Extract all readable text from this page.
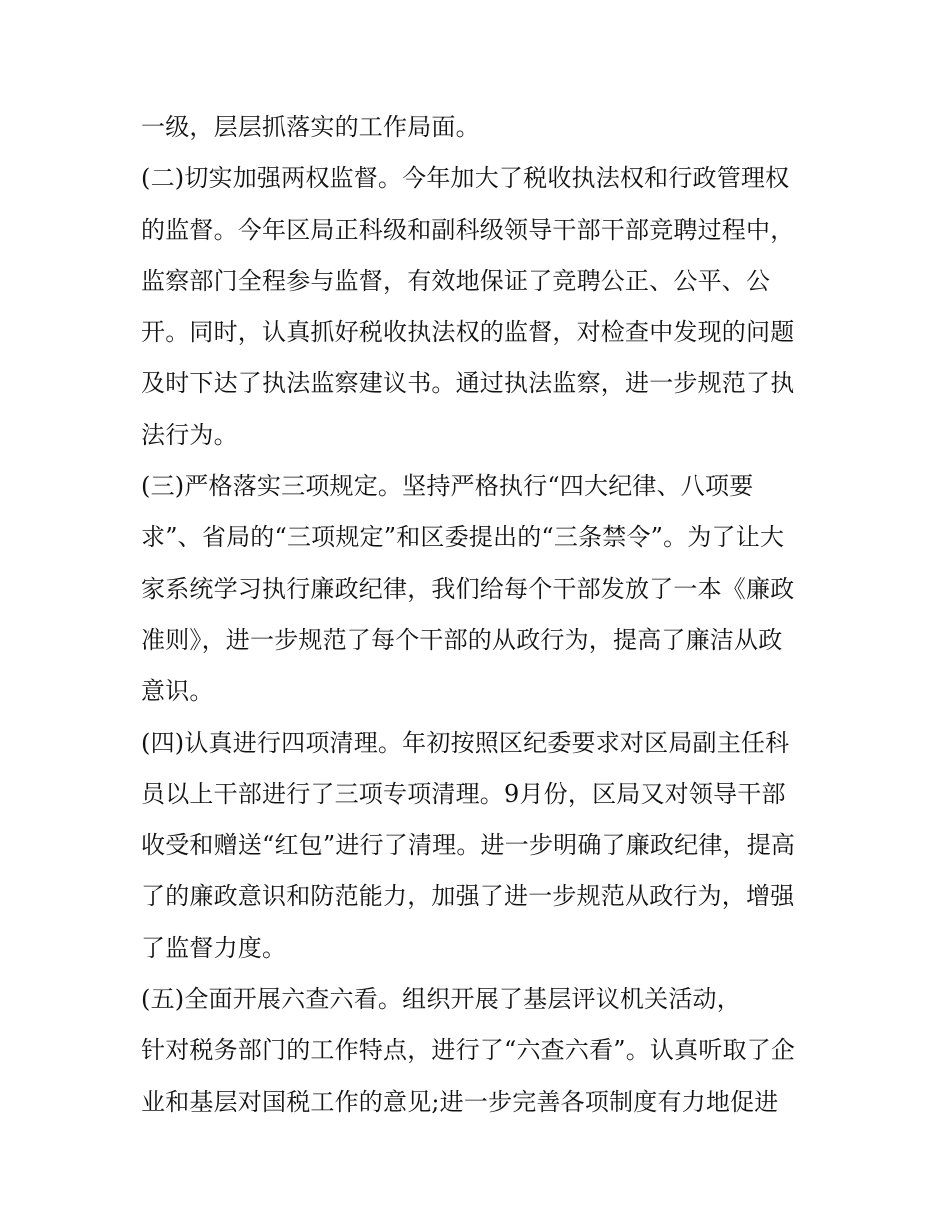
一级，层层抓落实的工作局面。
(二)切实加强两权监督。今年加大了税收执法权和行政管理权
的监督。今年区局正科级和副科级领导干部干部竞聘过程中，
监察部门全程参与监督，有效地保证了竞聘公正、公平、公
开。同时，认真抓好税收执法权的监督，对检查中发现的问题
及时下达了执法监察建议书。通过执法监察，进一步规范了执
法行为。
(三)严格落实三项规定。坚持严格执行“四大纪律、八项要
求”、省局的“三项规定”和区委提出的“三条禁令”。为了让大
家系统学习执行廉政纪律，我们给每个干部发放了一本《廉政
准则》，进一步规范了每个干部的从政行为，提高了廉洁从政
意识。
(四)认真进行四项清理。年初按照区纪委要求对区局副主任科
员以上干部进行了三项专项清理。9月份，区局又对领导干部
收受和赠送“红包”进行了清理。进一步明确了廉政纪律，提高
了的廉政意识和防范能力，加强了进一步规范从政行为，增强
了监督力度。
(五)全面开展六查六看。组织开展了基层评议机关活动，
针对税务部门的工作特点，进行了“六查六看”。认真听取了企
业和基层对国税工作的意见;进一步完善各项制度有力地促进
